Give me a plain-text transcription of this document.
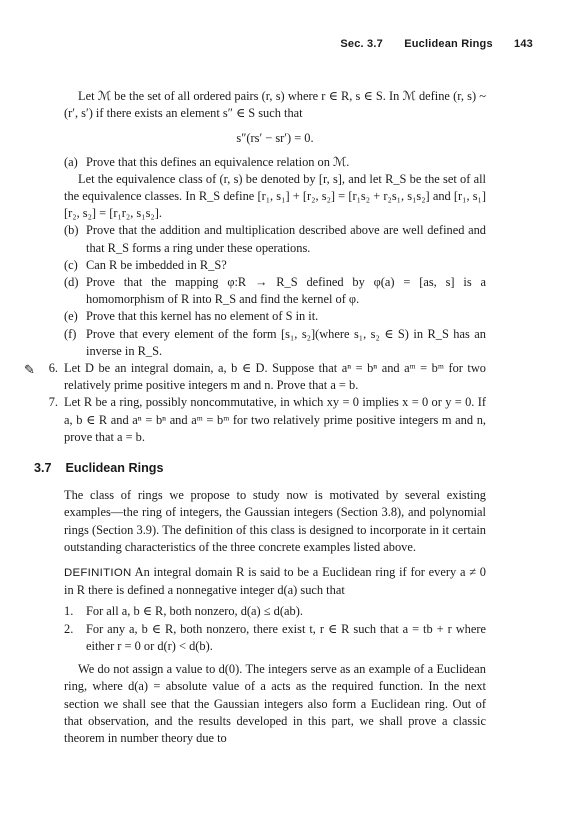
Sec. 3.7 Euclidean Rings 143

Let ℳ be the set of all ordered pairs (r, s) where r ∈ R, s ∈ S. In ℳ define (r, s) ~ (r′, s′) if there exists an element s″ ∈ S such that

s″(rs′ − sr′) = 0.

(a) Prove that this defines an equivalence relation on ℳ.

Let the equivalence class of (r, s) be denoted by [r, s], and let R_S be the set of all the equivalence classes. In R_S define [r₁, s₁] + [r₂, s₂] = [r₁s₂ + r₂s₁, s₁s₂] and [r₁, s₁][r₂, s₂] = [r₁r₂, s₁s₂].

(b) Prove that the addition and multiplication described above are well defined and that R_S forms a ring under these operations.
(c) Can R be imbedded in R_S?
(d) Prove that the mapping φ:R → R_S defined by φ(a) = [as, s] is a homomorphism of R into R_S and find the kernel of φ.
(e) Prove that this kernel has no element of S in it.
(f) Prove that every element of the form [s₁, s₂](where s₁, s₂ ∈ S) in R_S has an inverse in R_S.
✎	6. Let D be an integral domain, a, b ∈ D. Suppose that aⁿ = bⁿ and aᵐ = bᵐ for two relatively prime positive integers m and n. Prove that a = b.
7. Let R be a ring, possibly noncommutative, in which xy = 0 implies x = 0 or y = 0. If a, b ∈ R and aⁿ = bⁿ and aᵐ = bᵐ for two relatively prime positive integers m and n, prove that a = b.
3.7 Euclidean Rings

The class of rings we propose to study now is motivated by several existing examples—the ring of integers, the Gaussian integers (Section 3.8), and polynomial rings (Section 3.9). The definition of this class is designed to incorporate in it certain outstanding characteristics of the three concrete examples listed above.

DEFINITION An integral domain R is said to be a Euclidean ring if for every a ≠ 0 in R there is defined a nonnegative integer d(a) such that

1.	For all a, b ∈ R, both nonzero, d(a) ≤ d(ab).
2.	For any a, b ∈ R, both nonzero, there exist t, r ∈ R such that a = tb + r where either r = 0 or d(r) < d(b).

We do not assign a value to d(0). The integers serve as an example of a Euclidean ring, where d(a) = absolute value of a acts as the required function. In the next section we shall see that the Gaussian integers also form a Euclidean ring. Out of that observation, and the results developed in this part, we shall prove a classic theorem in number theory due to
